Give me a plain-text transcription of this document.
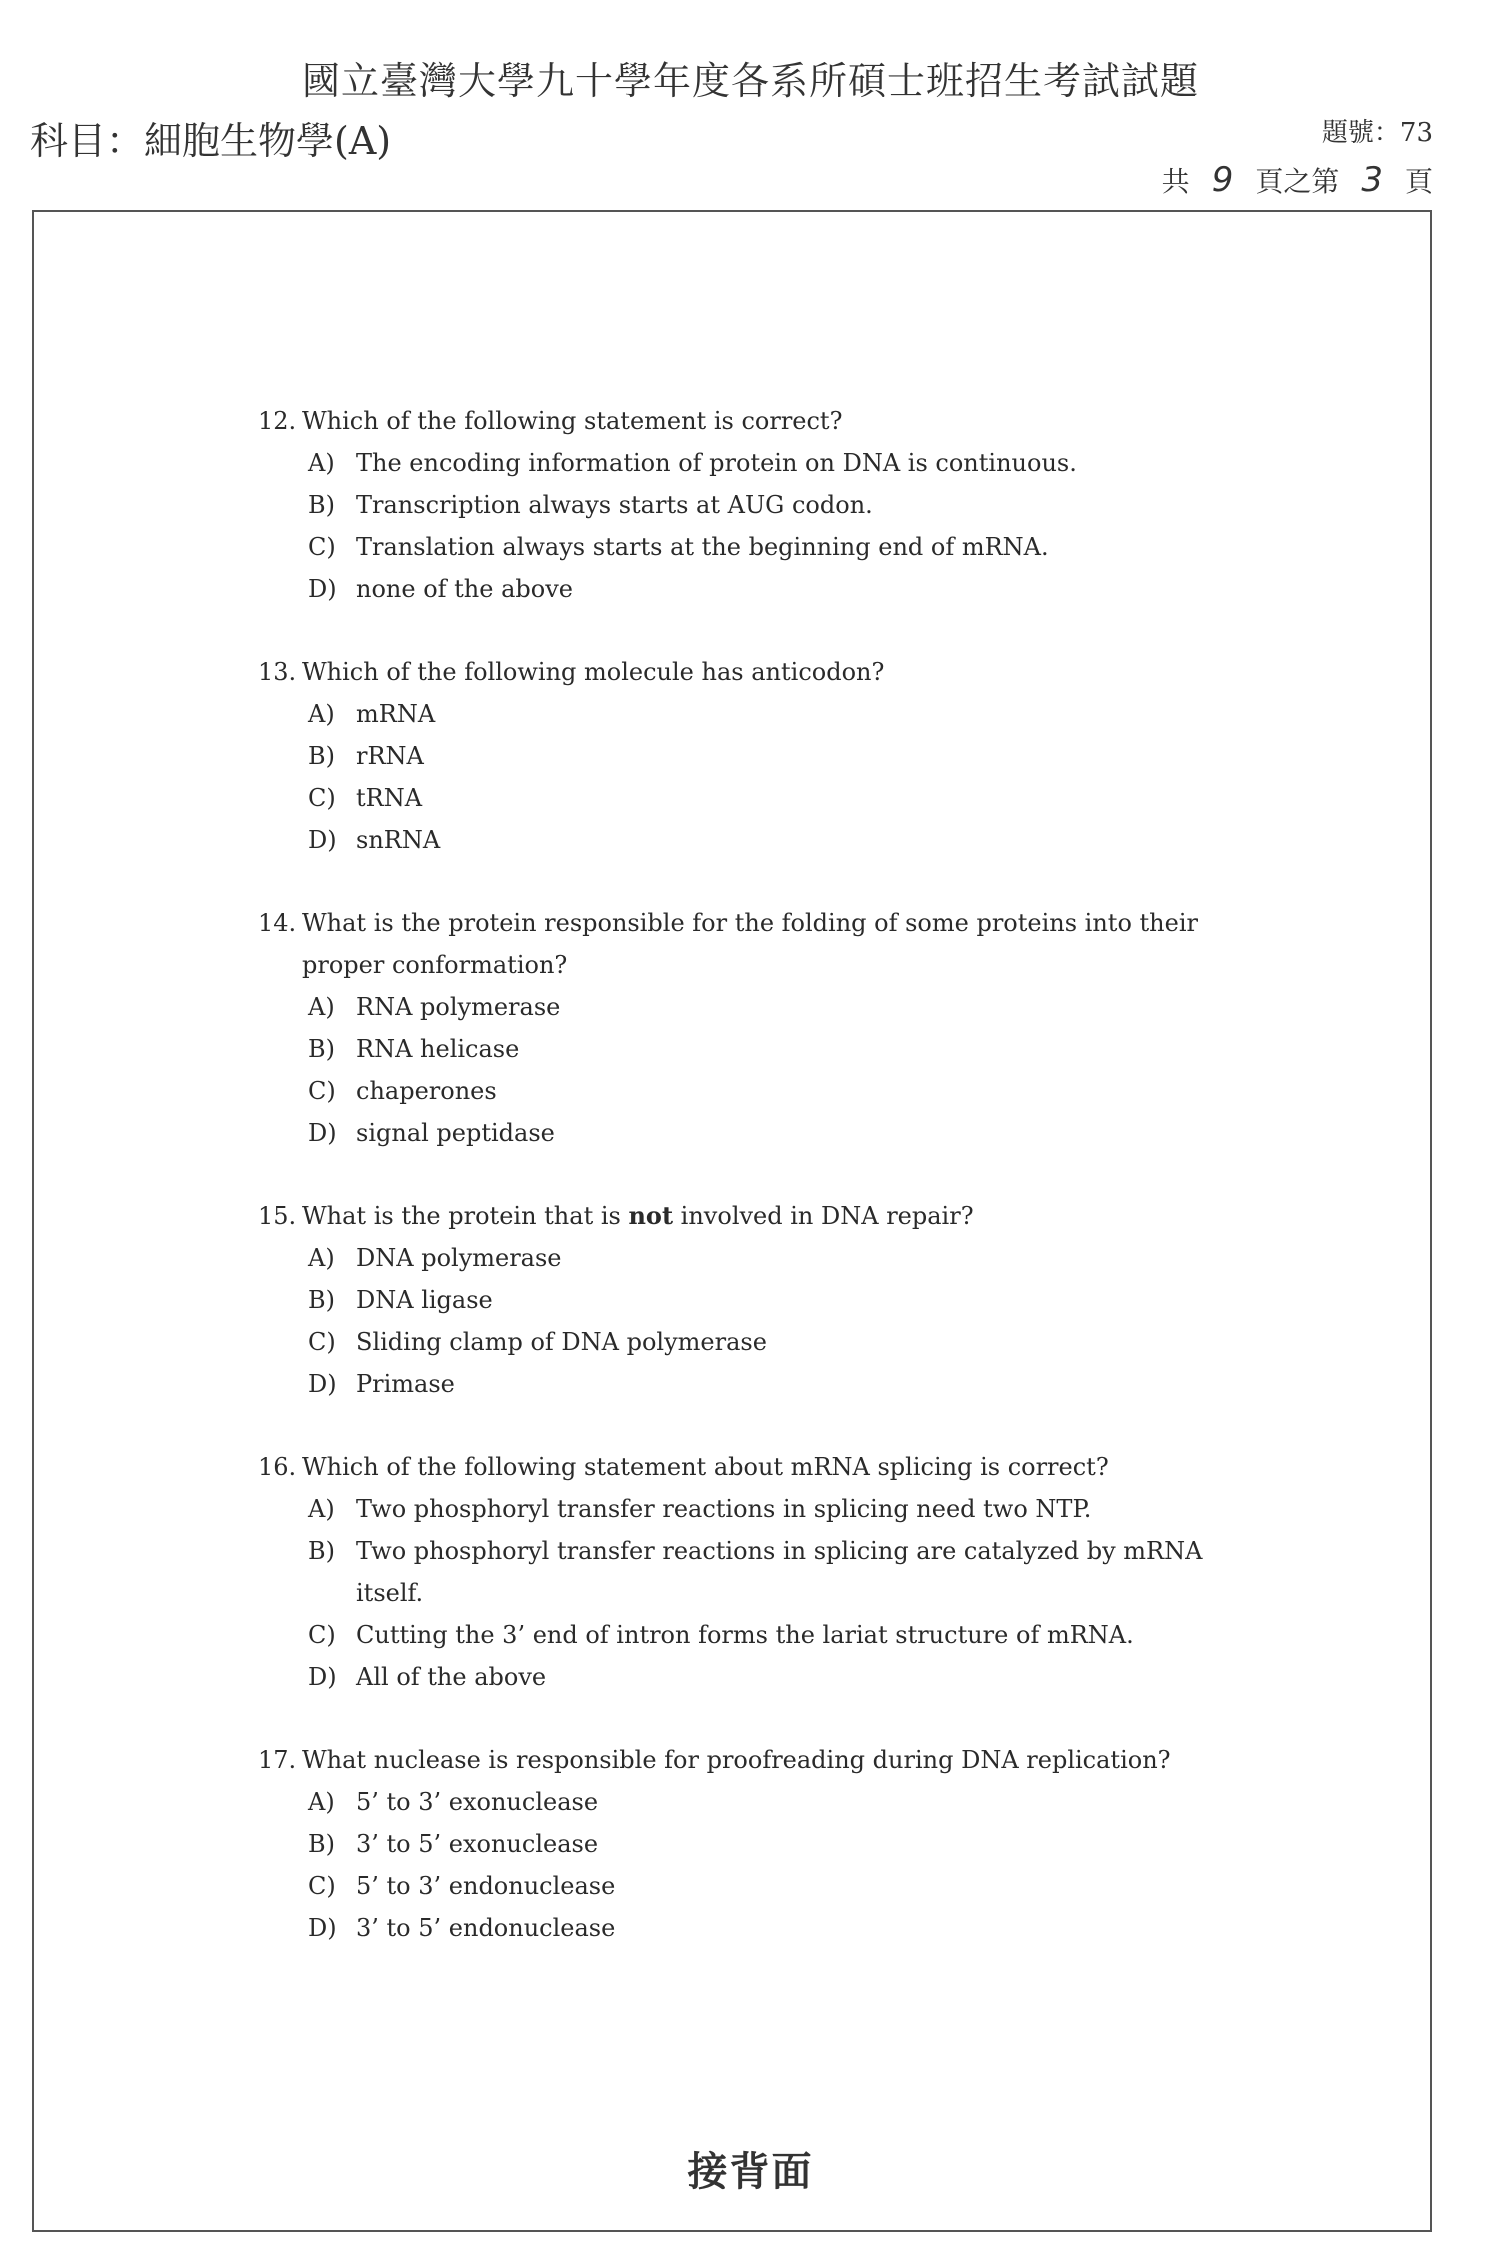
國立臺灣大學九十學年度各系所碩士班招生考試試題
科目：細胞生物學(A)	題號：73
共 9 頁之第 3 頁
12. Which of the following statement is correct?
A) The encoding information of protein on DNA is continuous.
B) Transcription always starts at AUG codon.
C) Translation always starts at the beginning end of mRNA.
D) none of the above
13. Which of the following molecule has anticodon?
A) mRNA
B) rRNA
C) tRNA
D) snRNA
14. What is the protein responsible for the folding of some proteins into their proper conformation?
A) RNA polymerase
B) RNA helicase
C) chaperones
D) signal peptidase
15. What is the protein that is not involved in DNA repair?
A) DNA polymerase
B) DNA ligase
C) Sliding clamp of DNA polymerase
D) Primase
16. Which of the following statement about mRNA splicing is correct?
A) Two phosphoryl transfer reactions in splicing need two NTP.
B) Two phosphoryl transfer reactions in splicing are catalyzed by mRNA itself.
C) Cutting the 3’ end of intron forms the lariat structure of mRNA.
D) All of the above
17. What nuclease is responsible for proofreading during DNA replication?
A) 5’ to 3’ exonuclease
B) 3’ to 5’ exonuclease
C) 5’ to 3’ endonuclease
D) 3’ to 5’ endonuclease
接背面
